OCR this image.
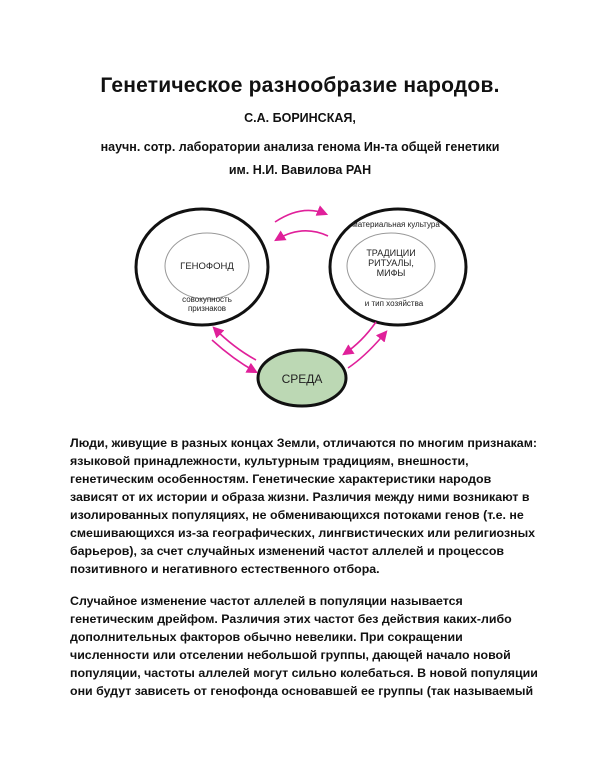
Генетическое разнообразие народов.
С.А. БОРИНСКАЯ,
научн. сотр. лаборатории анализа генома Ин-та общей генетики
им. Н.И. Вавилова РАН
ГЕНОФОНД
совокупность
признаков
материальная культура
ТРАДИЦИИ
РИТУАЛЫ,
МИФЫ
и тип хозяйства
СРЕДА

Люди, живущие в разных концах Земли, отличаются по многим признакам: языковой принадлежности, культурным традициям, внешности, генетическим особенностям. Генетические характеристики народов зависят от их истории и образа жизни. Различия между ними возникают в изолированных популяциях, не обменивающихся потоками генов (т.е. не смешивающихся из-за географических, лингвистических или религиозных барьеров), за счет случайных изменений частот аллелей и процессов позитивного и негативного естественного отбора.

Случайное изменение частот аллелей в популяции называется генетическим дрейфом. Различия этих частот без действия каких-либо дополнительных факторов обычно невелики. При сокращении численности или отселении небольшой группы, дающей начало новой популяции, частоты аллелей могут сильно колебаться. В новой популяции они будут зависеть от генофонда основавшей ее группы (так называемый
